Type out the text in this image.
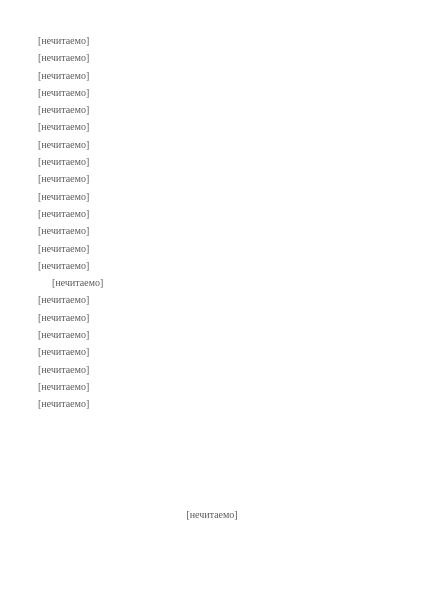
[нечитаемо]
[нечитаемо]
[нечитаемо]
[нечитаемо]
[нечитаемо]
[нечитаемо]
[нечитаемо]
[нечитаемо]
[нечитаемо]
[нечитаемо]
[нечитаемо]
[нечитаемо]
[нечитаемо]
[нечитаемо]
[нечитаемо]
[нечитаемо]
[нечитаемо]
[нечитаемо]
[нечитаемо]
[нечитаемо]
[нечитаемо]
[нечитаемо]
[нечитаемо]
